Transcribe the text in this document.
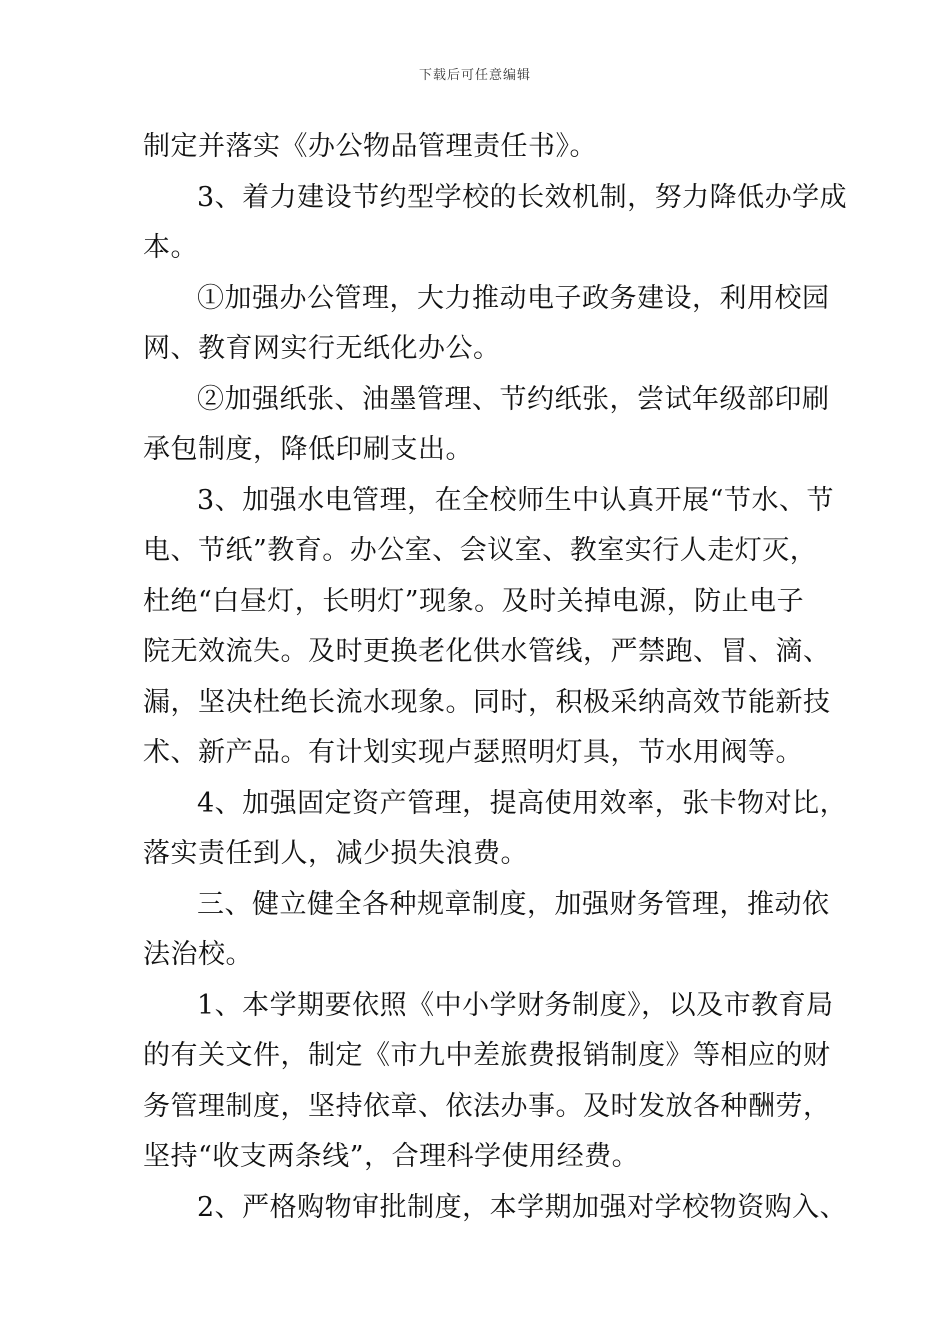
下载后可任意编辑
制定并落实《办公物品管理责任书》。
3、着力建设节约型学校的长效机制，努力降低办学成
本。
①加强办公管理，大力推动电子政务建设，利用校园
网、教育网实行无纸化办公。
②加强纸张、油墨管理、节约纸张，尝试年级部印刷
承包制度，降低印刷支出。
3、加强水电管理，在全校师生中认真开展“节水、节
电、节纸”教育。办公室、会议室、教室实行人走灯灭，
杜绝“白昼灯，长明灯”现象。及时关掉电源，防止电子
院无效流失。及时更换老化供水管线，严禁跑、冒、滴、
漏，坚决杜绝长流水现象。同时，积极采纳高效节能新技
术、新产品。有计划实现卢瑟照明灯具，节水用阀等。
4、加强固定资产管理，提高使用效率，张卡物对比，
落实责任到人，减少损失浪费。
三、健立健全各种规章制度，加强财务管理，推动依
法治校。
1、本学期要依照《中小学财务制度》，以及市教育局
的有关文件，制定《市九中差旅费报销制度》等相应的财
务管理制度，坚持依章、依法办事。及时发放各种酬劳，
坚持“收支两条线”，合理科学使用经费。
2、严格购物审批制度，本学期加强对学校物资购入、
